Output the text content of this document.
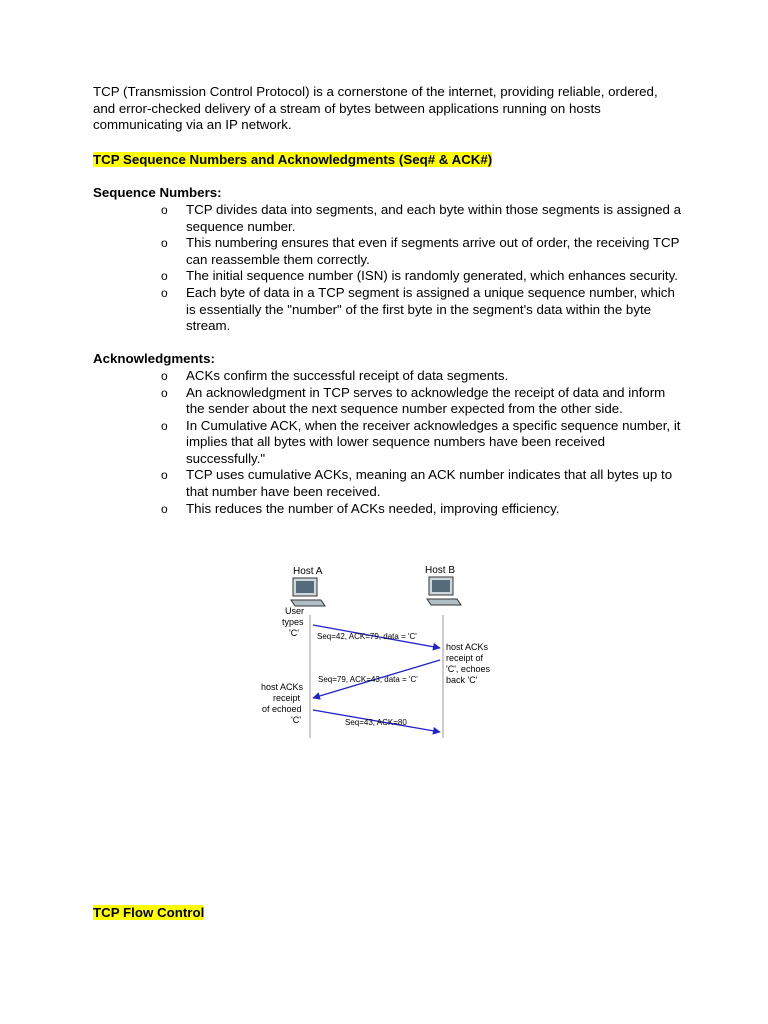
TCP (Transmission Control Protocol) is a cornerstone of the internet, providing reliable, ordered, and error-checked delivery of a stream of bytes between applications running on hosts communicating via an IP network.

TCP Sequence Numbers and Acknowledgments (Seq# & ACK#)

Sequence Numbers:

o TCP divides data into segments, and each byte within those segments is assigned a sequence number.
o This numbering ensures that even if segments arrive out of order, the receiving TCP can reassemble them correctly.
o The initial sequence number (ISN) is randomly generated, which enhances security.
o Each byte of data in a TCP segment is assigned a unique sequence number, which is essentially the "number" of the first byte in the segment's data within the byte stream.

Acknowledgments:

o ACKs confirm the successful receipt of data segments.
o An acknowledgment in TCP serves to acknowledge the receipt of data and inform the sender about the next sequence number expected from the other side.
o In Cumulative ACK, when the receiver acknowledges a specific sequence number, it implies that all bytes with lower sequence numbers have been received successfully."
o TCP uses cumulative ACKs, meaning an ACK number indicates that all bytes up to that number have been received.
o This reduces the number of ACKs needed, improving efficiency.
Host A	Host B
User
types
'C' Seq=42, ACK=79, data = 'C'
host ACKs
receipt of
'C', echoes
back 'C'
Seq=79, ACK=43, data = 'C'
host ACKs
receipt
of echoed
'C'	Seq=43, ACK=80
TCP Flow Control
